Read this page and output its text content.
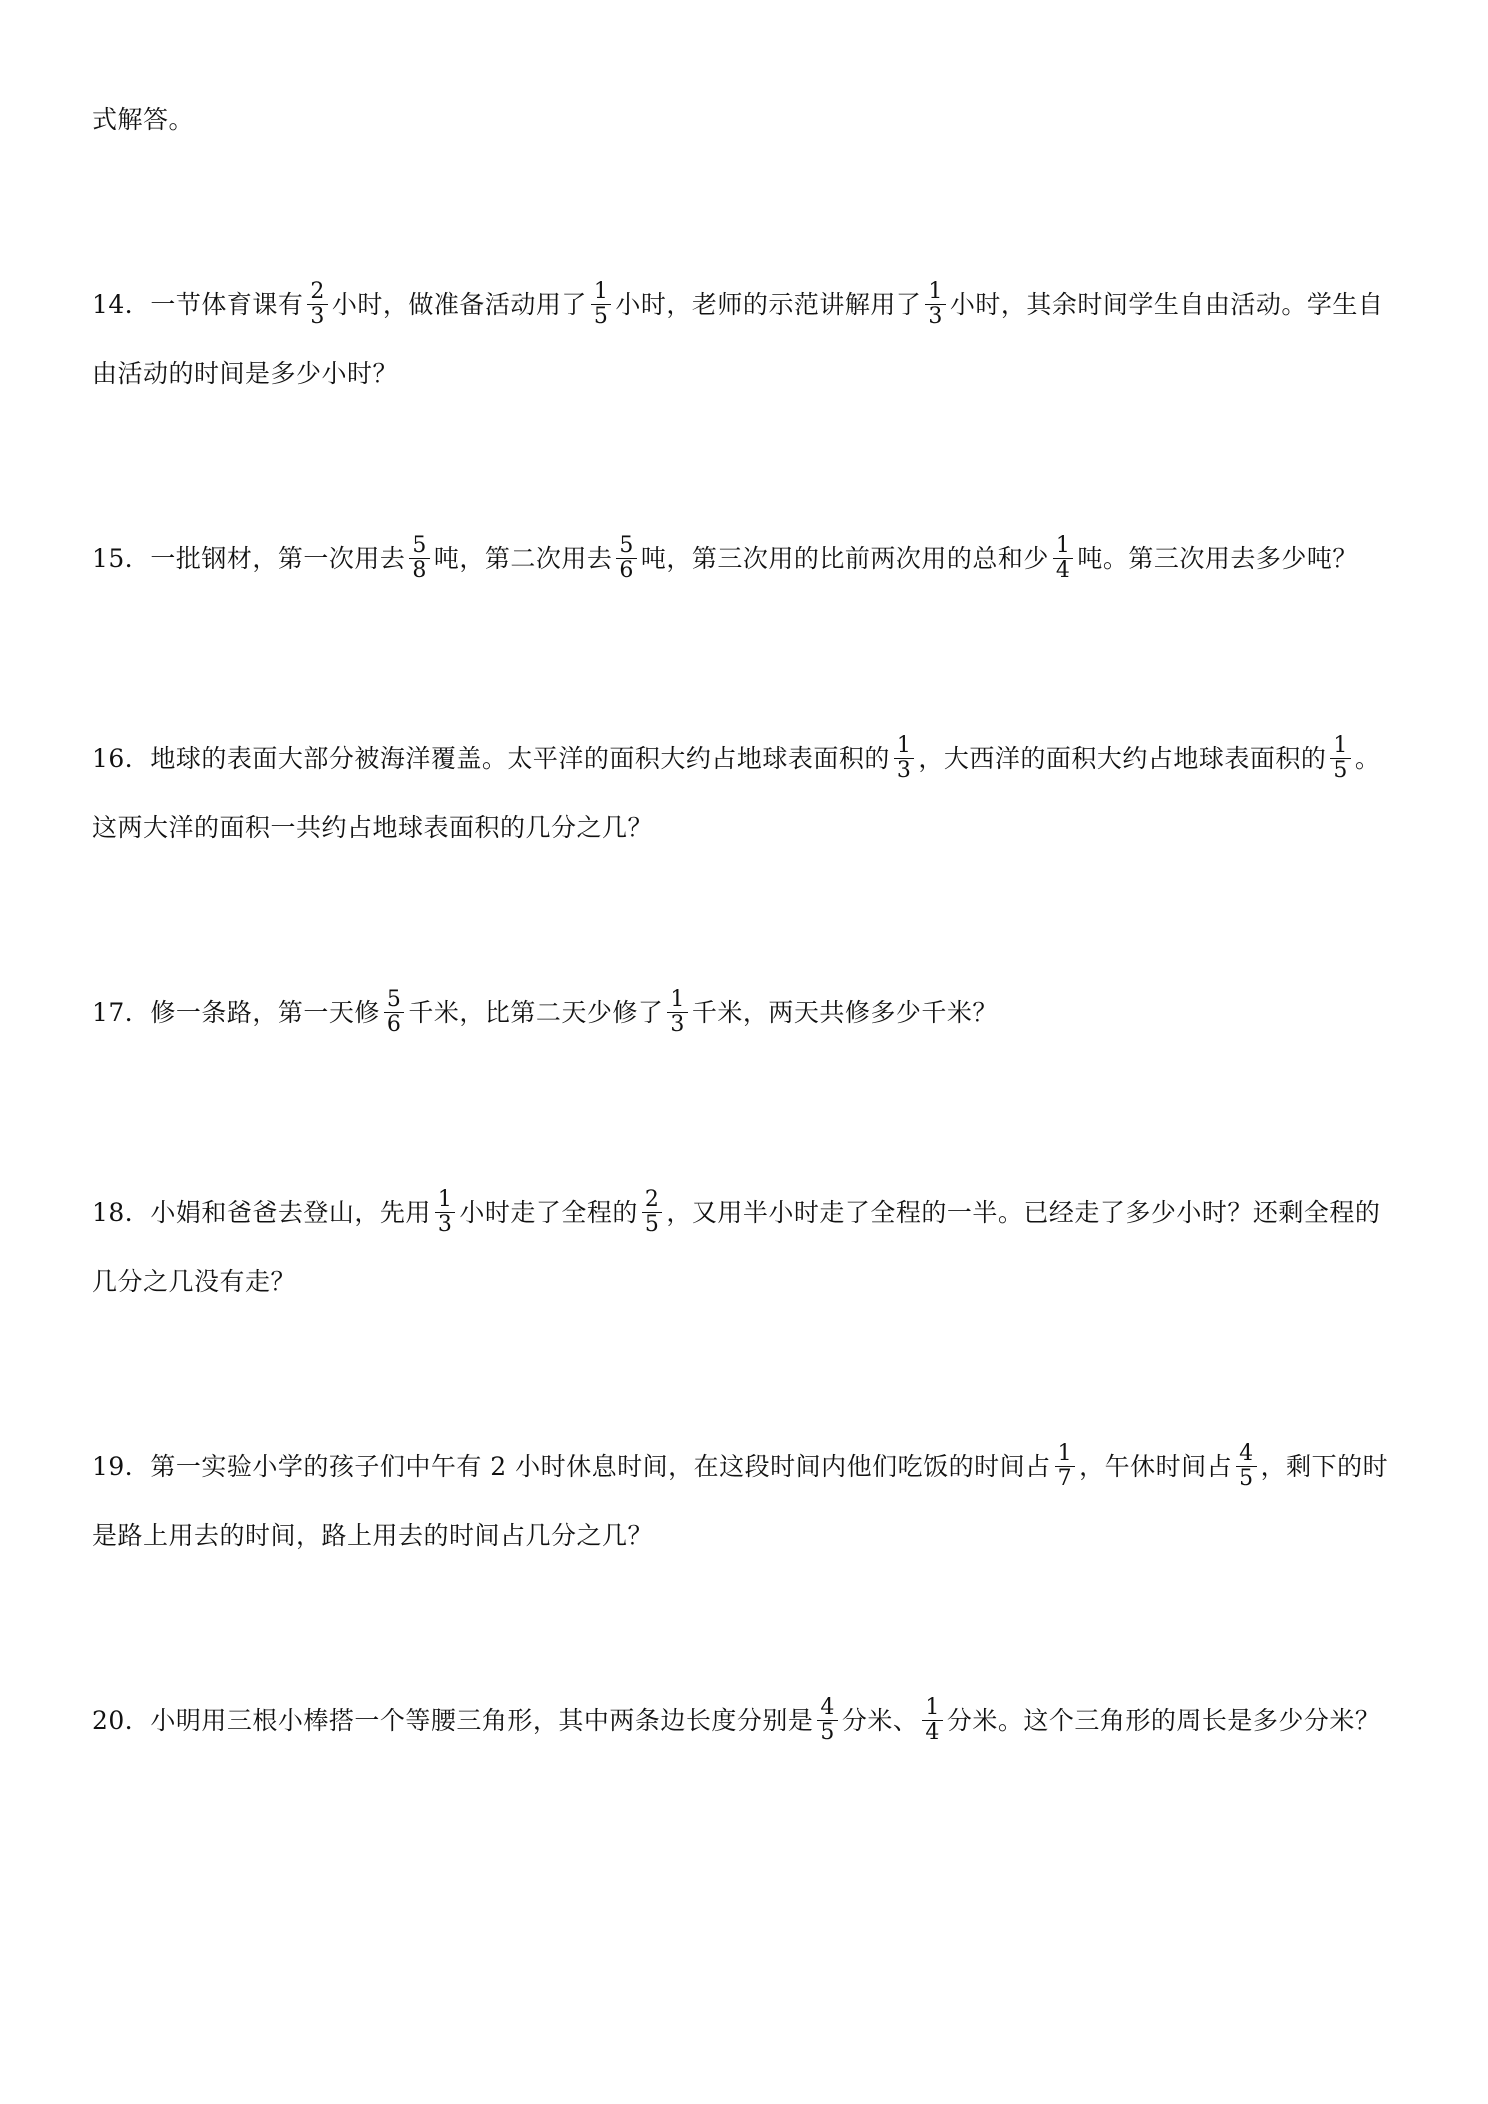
式解答。
14．一节体育课有 $\frac{2}{3}$ 小时，做准备活动用了 $\frac{1}{5}$ 小时，老师的示范讲解用了 $\frac{1}{3}$ 小时，其余时间学生自由活动。学生自
由活动的时间是多少小时？
15．一批钢材，第一次用去 $\frac{5}{8}$ 吨，第二次用去 $\frac{5}{6}$ 吨，第三次用的比前两次用的总和少 $\frac{1}{4}$ 吨。第三次用去多少吨？
16．地球的表面大部分被海洋覆盖。太平洋的面积大约占地球表面积的 $\frac{1}{3}$ ，大西洋的面积大约占地球表面积的 $\frac{1}{5}$ 。
这两大洋的面积一共约占地球表面积的几分之几？
17．修一条路，第一天修 $\frac{5}{6}$ 千米，比第二天少修了 $\frac{1}{3}$ 千米，两天共修多少千米？
18．小娟和爸爸去登山，先用 $\frac{1}{3}$ 小时走了全程的 $\frac{2}{5}$ ，又用半小时走了全程的一半。已经走了多少小时？还剩全程的
几分之几没有走？
19．第一实验小学的孩子们中午有 2 小时休息时间，在这段时间内他们吃饭的时间占 $\frac{1}{7}$ ，午休时间占 $\frac{4}{5}$ ，剩下的时
是路上用去的时间，路上用去的时间占几分之几？
20．小明用三根小棒搭一个等腰三角形，其中两条边长度分别是 $\frac{4}{5}$ 分米、 $\frac{1}{4}$ 分米。这个三角形的周长是多少分米？
